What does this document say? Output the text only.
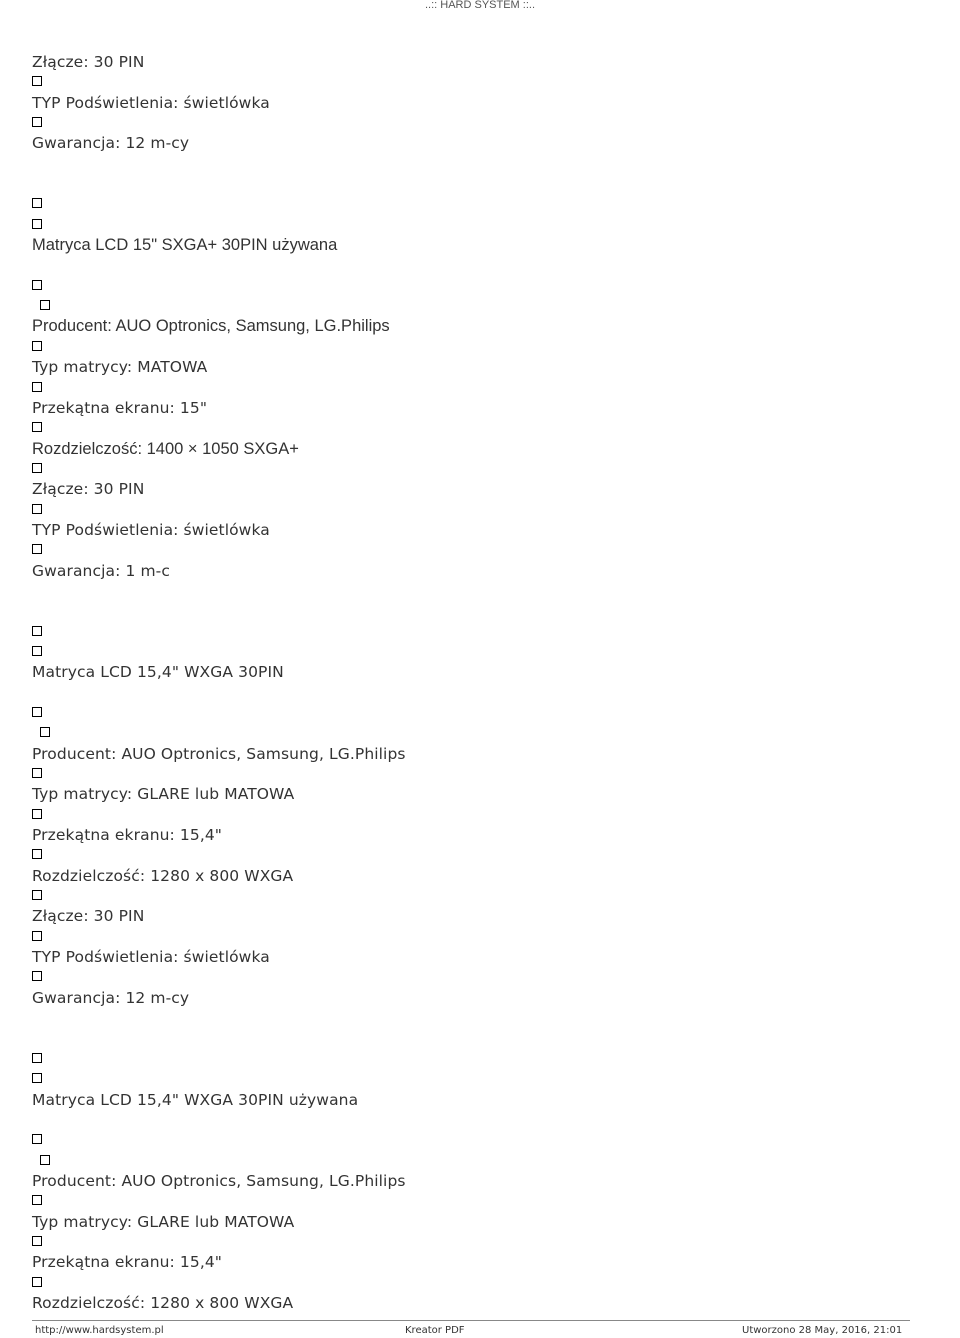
..:: HARD SYSTEM ::..
Złącze: 30 PIN
TYP Podświetlenia: świetlówka
Gwarancja: 12 m-cy
Matryca LCD 15" SXGA+ 30PIN używana
Producent: AUO Optronics, Samsung, LG.Philips
Typ matrycy: MATOWA
Przekątna ekranu: 15"
Rozdzielczość: 1400 × 1050 SXGA+
Złącze: 30 PIN
TYP Podświetlenia: świetlówka
Gwarancja: 1 m-c
Matryca LCD 15,4" WXGA 30PIN
Producent: AUO Optronics, Samsung, LG.Philips
Typ matrycy: GLARE lub MATOWA
Przekątna ekranu: 15,4"
Rozdzielczość: 1280 x 800 WXGA
Złącze: 30 PIN
TYP Podświetlenia: świetlówka
Gwarancja: 12 m-cy
Matryca LCD 15,4" WXGA 30PIN używana
Producent: AUO Optronics, Samsung, LG.Philips
Typ matrycy: GLARE lub MATOWA
Przekątna ekranu: 15,4"
Rozdzielczość: 1280 x 800 WXGA
http://www.hardsystem.pl	Kreator PDF	Utworzono 28 May, 2016, 21:01
